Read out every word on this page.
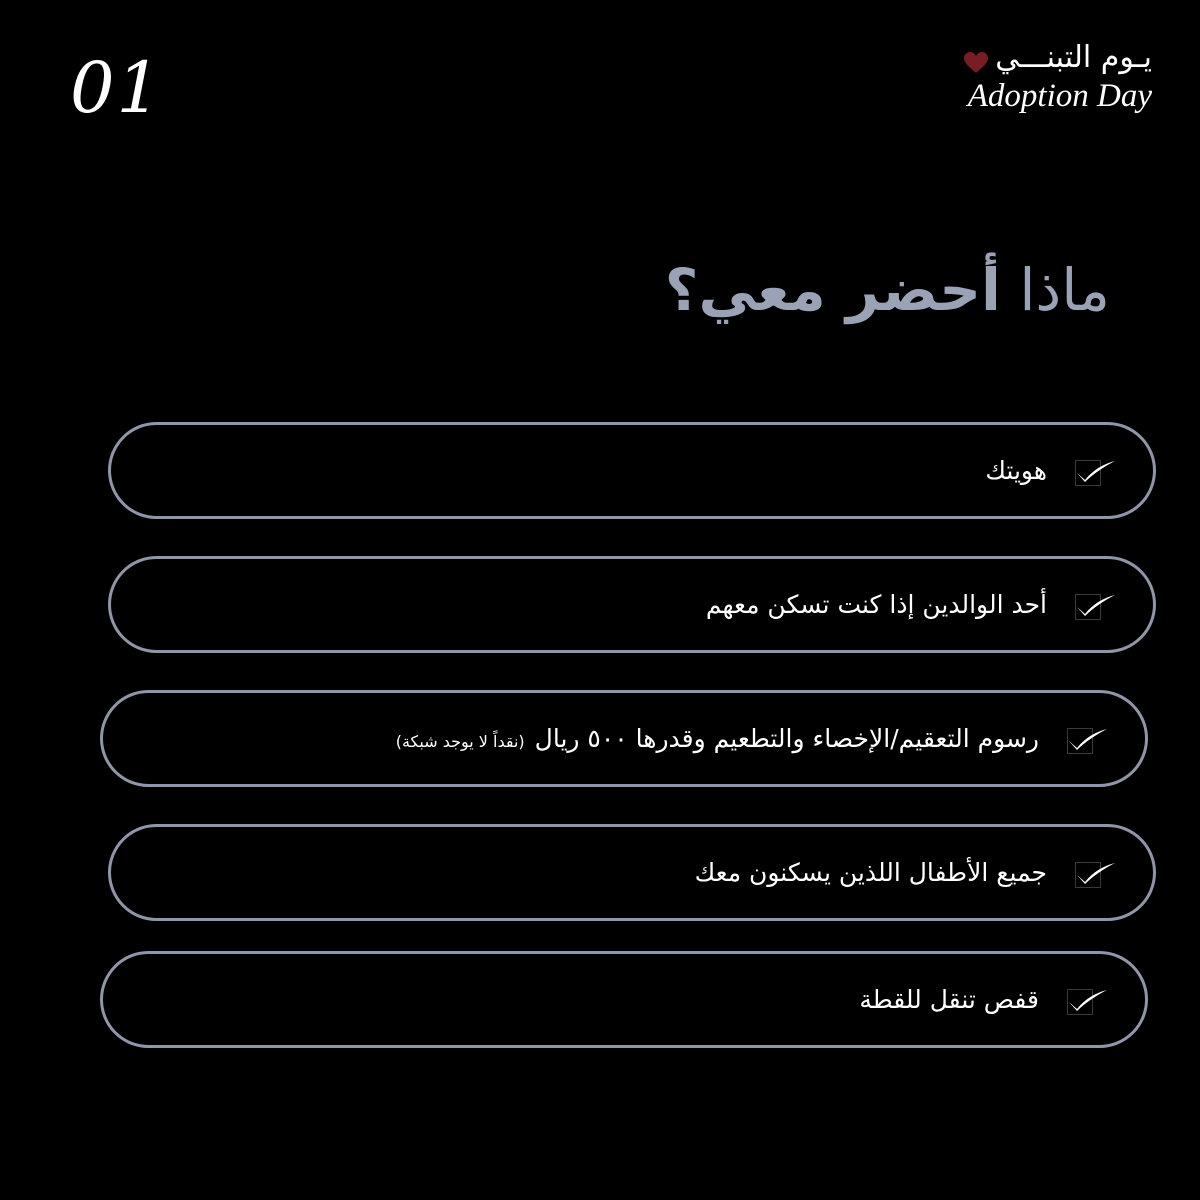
01	يـوم التبنـــي
Adoption Day
ماذا أحضر معي؟
هويتك
أحد الوالدين إذا كنت تسكن معهم
رسوم التعقيم/الإخصاء والتطعيم وقدرها ٥٠٠ ريال(نقداً لا يوجد شبكة)
جميع الأطفال اللذين يسكنون معك
قفص تنقل للقطة
